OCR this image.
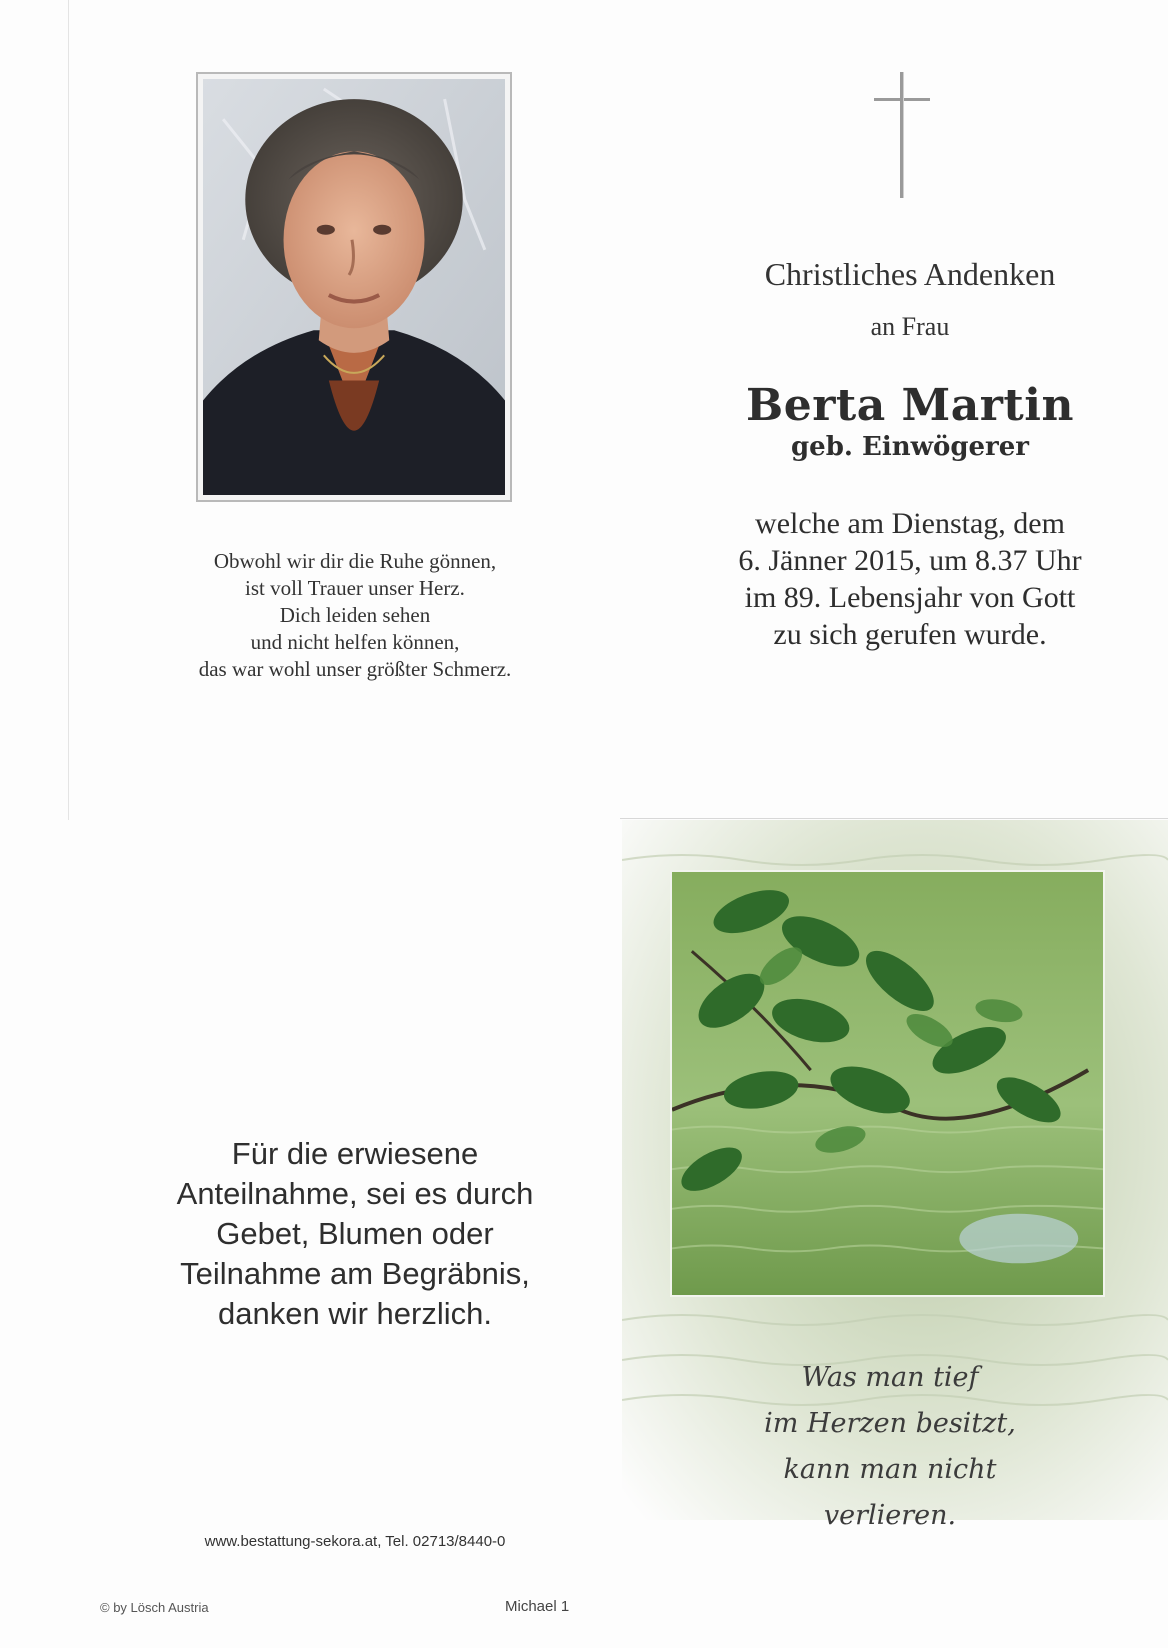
Obwohl wir dir die Ruhe gönnen,
ist voll Trauer unser Herz.
Dich leiden sehen
und nicht helfen können,
das war wohl unser größter Schmerz.
Christliches Andenken
an Frau
Berta Martin
geb. Einwögerer
welche am Dienstag, dem
6. Jänner 2015, um 8.37 Uhr
im 89. Lebensjahr von Gott
zu sich gerufen wurde.
Für die erwiesene
Anteilnahme, sei es durch
Gebet, Blumen oder
Teilnahme am Begräbnis,
danken wir herzlich.
www.bestattung-sekora.at, Tel. 02713/8440-0
© by Lösch Austria	Michael 1
Was man tief
im Herzen besitzt,
kann man nicht
verlieren.
